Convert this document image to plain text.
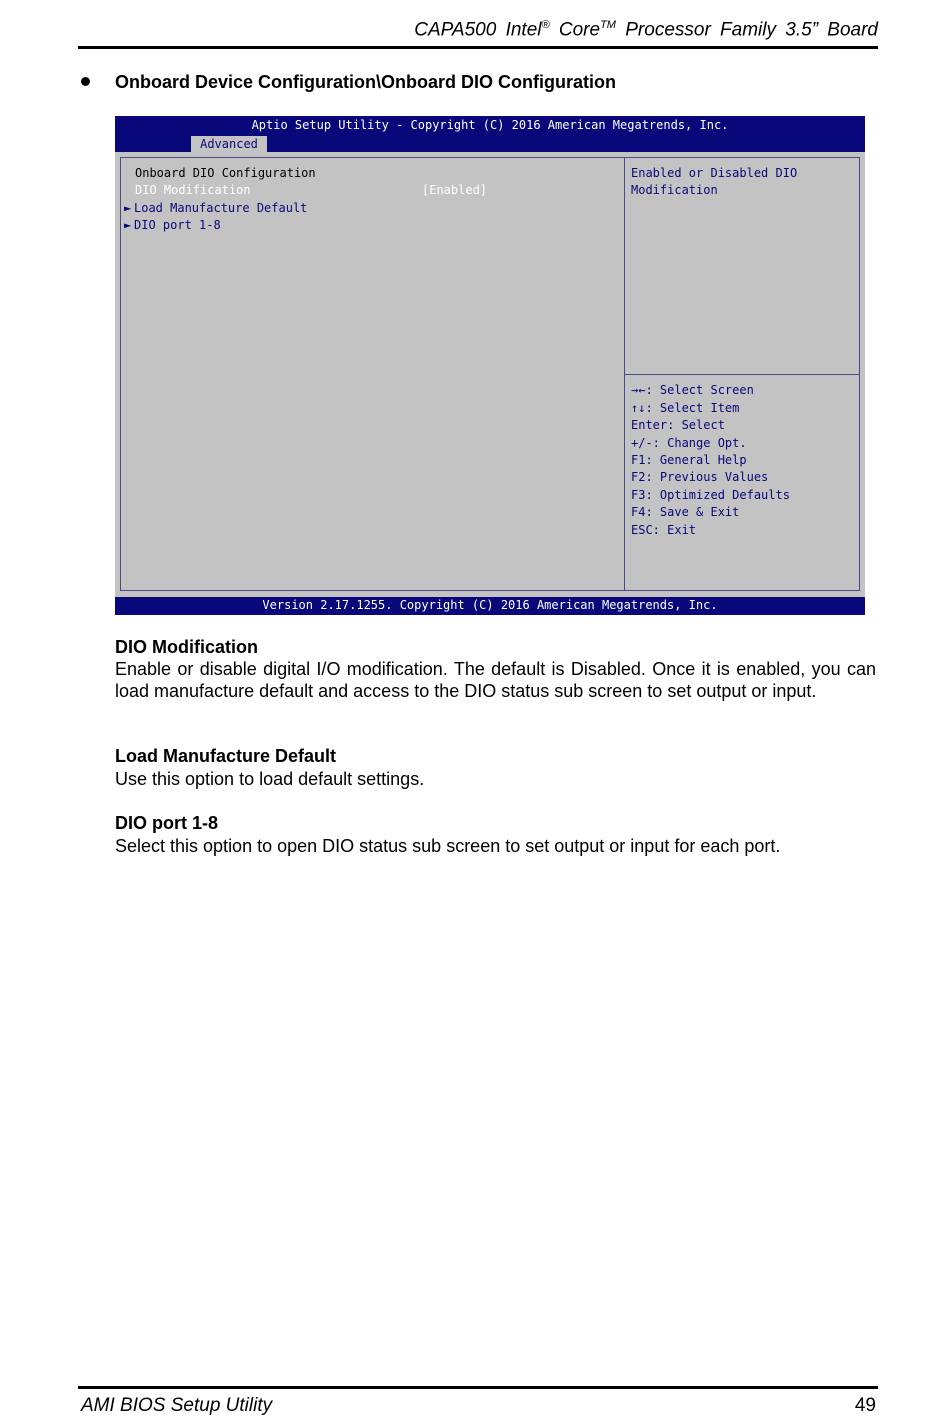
CAPA500 Intel® Core™ Processor Family 3.5” Board
Onboard Device Configuration\Onboard DIO Configuration
Aptio Setup Utility - Copyright (C) 2016 American Megatrends, Inc.
Advanced
Onboard DIO Configuration
DIO Modification	[Enabled]
► Load Manufacture Default
► DIO port 1-8
Enabled or Disabled DIO
Modification
→←: Select Screen
↑↓: Select Item
Enter: Select
+/-: Change Opt.
F1: General Help
F2: Previous Values
F3: Optimized Defaults
F4: Save & Exit
ESC: Exit
Version 2.17.1255. Copyright (C) 2016 American Megatrends, Inc.
DIO Modification
Enable or disable digital I/O modification. The default is Disabled. Once it is enabled, you can load manufacture default and access to the DIO status sub screen to set output or input.
Load Manufacture Default
Use this option to load default settings.
DIO port 1-8
Select this option to open DIO status sub screen to set output or input for each port.
AMI BIOS Setup Utility	49
